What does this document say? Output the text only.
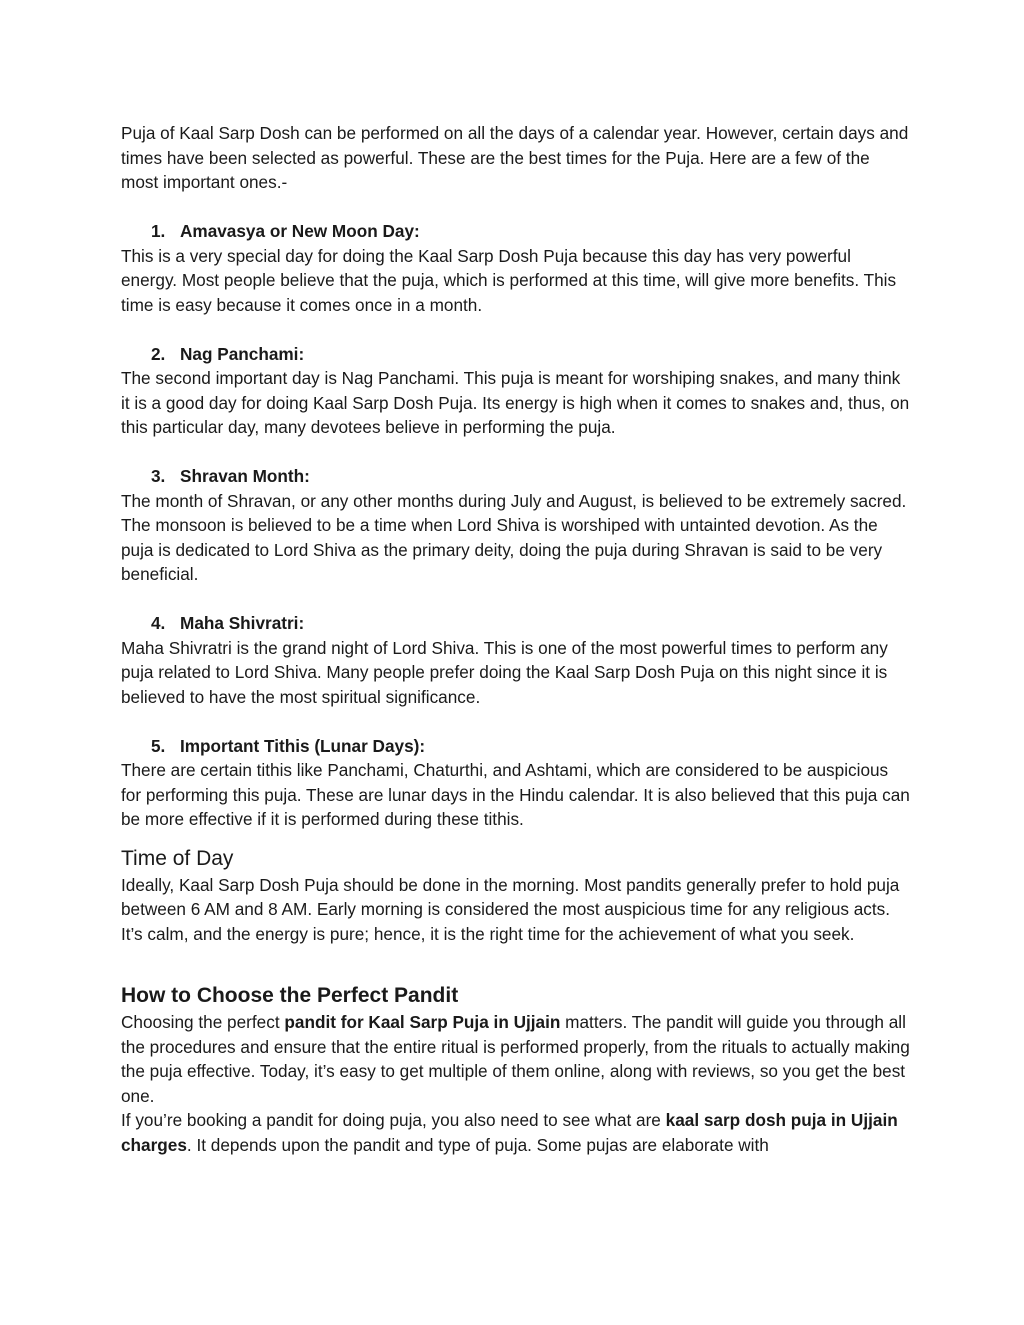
Puja of Kaal Sarp Dosh can be performed on all the days of a calendar year. However, certain days and times have been selected as powerful. These are the best times for the Puja. Here are a few of the most important ones.-

1. Amavasya or New Moon Day:

This is a very special day for doing the Kaal Sarp Dosh Puja because this day has very powerful energy. Most people believe that the puja, which is performed at this time, will give more benefits. This time is easy because it comes once in a month.

2. Nag Panchami:

The second important day is Nag Panchami. This puja is meant for worshiping snakes, and many think it is a good day for doing Kaal Sarp Dosh Puja. Its energy is high when it comes to snakes and, thus, on this particular day, many devotees believe in performing the puja.

3. Shravan Month:

The month of Shravan, or any other months during July and August, is believed to be extremely sacred. The monsoon is believed to be a time when Lord Shiva is worshiped with untainted devotion. As the puja is dedicated to Lord Shiva as the primary deity, doing the puja during Shravan is said to be very beneficial.

4. Maha Shivratri:

Maha Shivratri is the grand night of Lord Shiva. This is one of the most powerful times to perform any puja related to Lord Shiva. Many people prefer doing the Kaal Sarp Dosh Puja on this night since it is believed to have the most spiritual significance.

5. Important Tithis (Lunar Days):

There are certain tithis like Panchami, Chaturthi, and Ashtami, which are considered to be auspicious for performing this puja. These are lunar days in the Hindu calendar. It is also believed that this puja can be more effective if it is performed during these tithis.

Time of Day

Ideally, Kaal Sarp Dosh Puja should be done in the morning. Most pandits generally prefer to hold puja between 6 AM and 8 AM. Early morning is considered the most auspicious time for any religious acts. It’s calm, and the energy is pure; hence, it is the right time for the achievement of what you seek.

How to Choose the Perfect Pandit

Choosing the perfect pandit for Kaal Sarp Puja in Ujjain matters. The pandit will guide you through all the procedures and ensure that the entire ritual is performed properly, from the rituals to actually making the puja effective. Today, it’s easy to get multiple of them online, along with reviews, so you get the best one.

If you’re booking a pandit for doing puja, you also need to see what are kaal sarp dosh puja in Ujjain charges. It depends upon the pandit and type of puja. Some pujas are elaborate with
